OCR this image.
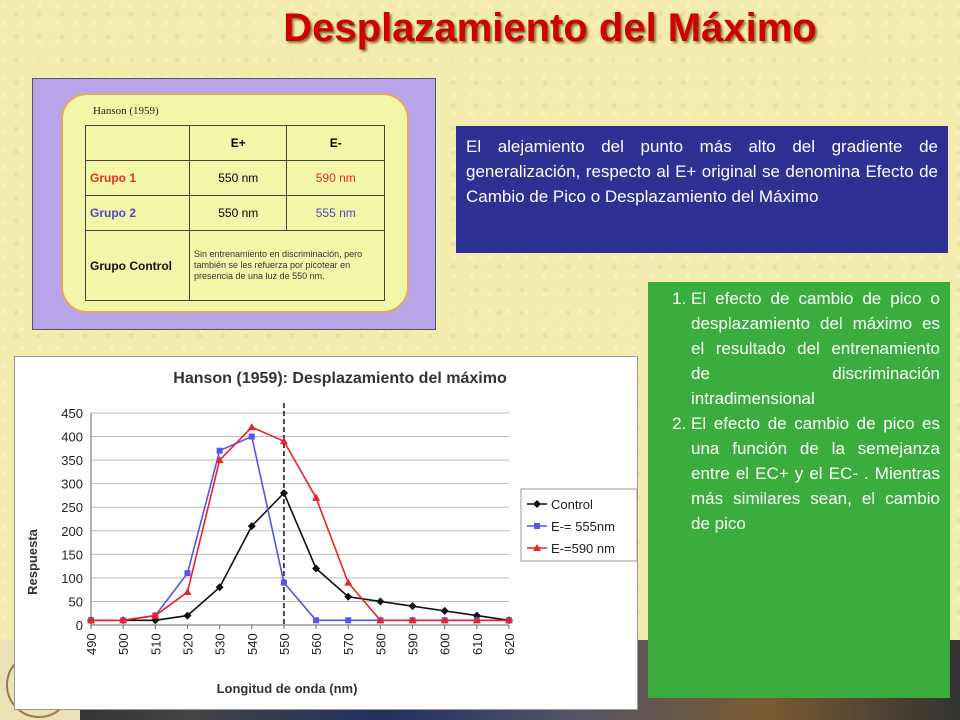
Desplazamiento del Máximo
Hanson (1959)
	E+	E-
Grupo 1	550 nm	590 nm
Grupo 2	550 nm	555 nm
Grupo Control	Sin entrenamiento en discriminación, pero también se les refuerza por picotear en presencia de una luz de 550 nm.	
El alejamiento del punto más alto del gradiente de generalización, respecto al E+ original se denomina Efecto de Cambio de Pico o Desplazamiento del Máximo
1. El efecto de cambio de pico o desplazamiento del máximo es el resultado del entrenamiento de discriminación intradimensional
2. El efecto de cambio de pico es una función de la semejanza entre el EC+ y el EC- . Mientras más similares sean, el cambio de pico
Hanson (1959): Desplazamiento del máximo
Longitud de onda (nm)
Respuesta
0
50
100
150
200
250
300
350
400
450
490 500 510 520 530 540 550 560 570 580 590 600 610 620
Control
E-= 555nm
E-=590 nm
